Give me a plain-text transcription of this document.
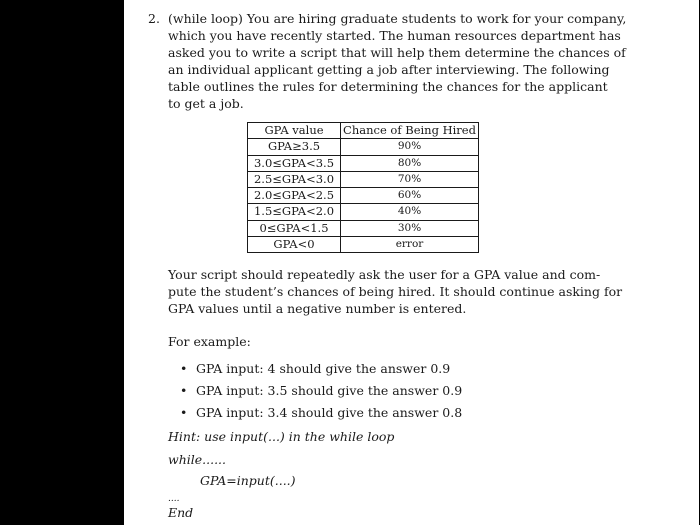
2. (while loop) You are hiring graduate students to work for your company,
which you have recently started. The human resources department has
asked you to write a script that will help them determine the chances of
an individual applicant getting a job after interviewing. The following
table outlines the rules for determining the chances for the applicant
to get a job.
GPA value	Chance of Being Hired
GPA≥3.5	90%
3.0≤GPA<3.5	80%
2.5≤GPA<3.0	70%
2.0≤GPA<2.5	60%
1.5≤GPA<2.0	40%
0≤GPA<1.5	30%
GPA<0	error
Your script should repeatedly ask the user for a GPA value and com-
pute the student’s chances of being hired. It should continue asking for
GPA values until a negative number is entered.
For example:
• GPA input: 4 should give the answer 0.9
• GPA input: 3.5 should give the answer 0.9
• GPA input: 3.4 should give the answer 0.8
Hint: use input(...) in the while loop
while......
GPA=input(....)
....
End
